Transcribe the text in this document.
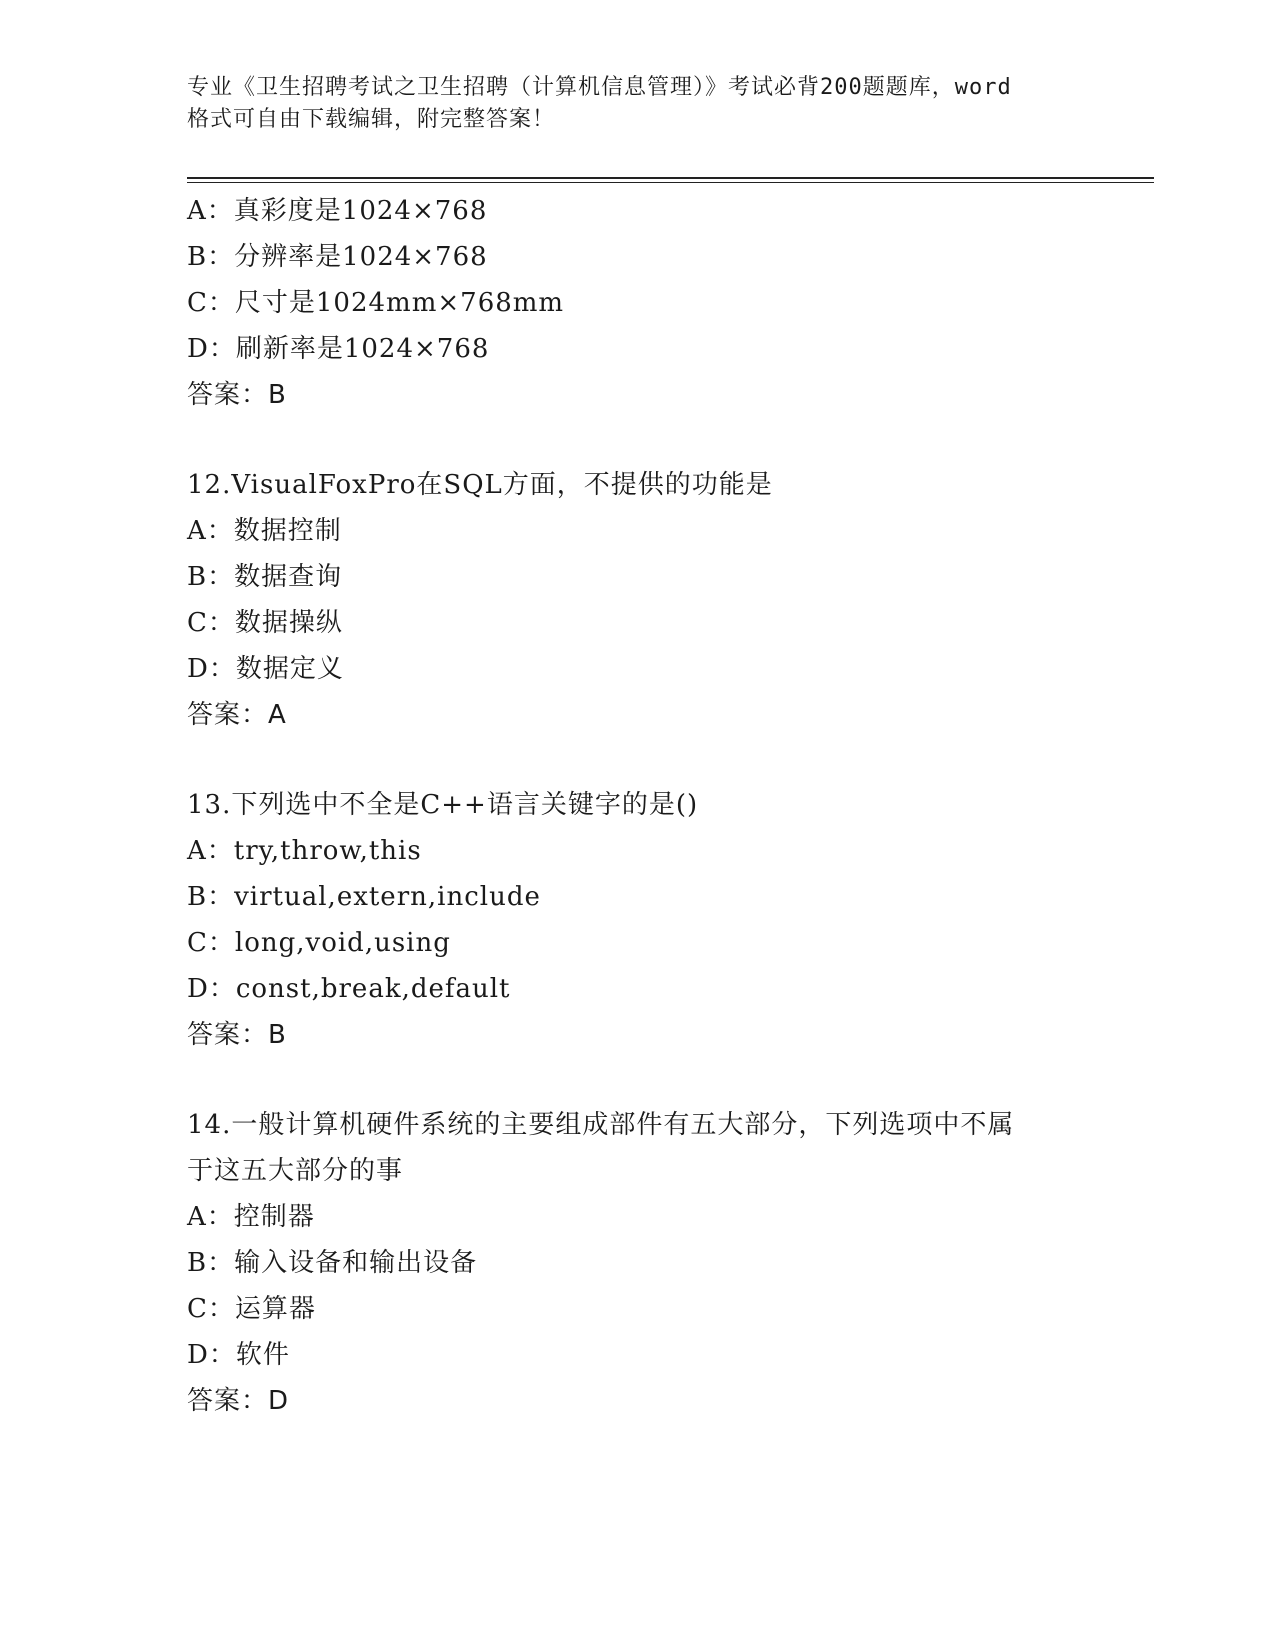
专业《卫生招聘考试之卫生招聘（计算机信息管理）》考试必背200题题库，word
格式可自由下载编辑，附完整答案！
A：真彩度是1024×768
B：分辨率是1024×768
C：尺寸是1024mm×768mm
D：刷新率是1024×768
答案：B
12.VisualFoxPro在SQL方面，不提供的功能是
A：数据控制
B：数据查询
C：数据操纵
D：数据定义
答案：A
13.下列选中不全是C++语言关键字的是()
A：try,throw,this
B：virtual,extern,include
C：long,void,using
D：const,break,default
答案：B
14.一般计算机硬件系统的主要组成部件有五大部分，下列选项中不属
于这五大部分的事
A：控制器
B：输入设备和输出设备
C：运算器
D：软件
答案：D
